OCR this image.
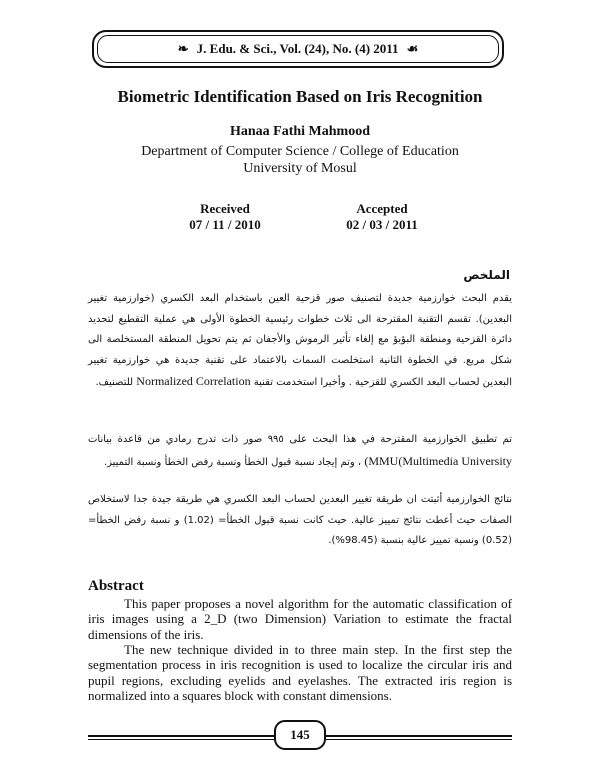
❧ J. Edu. & Sci., Vol. (24), No. (4) 2011 ☙
Biometric Identification Based on Iris Recognition
Hanaa Fathi Mahmood
Department of Computer Science / College of Education
University of Mosul
Received
07 / 11 / 2010
Accepted
02 / 03 / 2011
الملخص
يقدم البحث خوارزمية جديدة لتصنيف صور قزحية العين باستخدام البعد الكسري (خوارزمية تغيير البعدين). تقسم التقنية المقترحة الى ثلاث خطوات رئيسية الخطوة الأولى هي عملية التقطيع لتحديد دائرة القزحية ومنطقة البؤبؤ مع إلغاء تأثير الرموش والأجفان ثم يتم تحويل المنطقة المستخلصة الى شكل مربع. في الخطوة الثانية استخلصت السمات بالاعتماد على تقنية جديدة هي خوارزمية تغيير البعدين لحساب البعد الكسري للقزحية . وأخيرا استخدمت تقنية Normalized Correlation للتصنيف.
تم تطبيق الخوارزمية المقترحة في هذا البحث على ٩٩٥ صور ذات تدرج رمادي من قاعدة بيانات (MMU(Multimedia University ، وتم إيجاد نسبة قبول الخطأ ونسبة رفض الخطأ ونسبة التمييز.
نتائج الخوارزمية أثبتت ان طريقة تغيير البعدين لحساب البعد الكسري هي طريقة جيدة جدا لاستخلاص الصفات حيث أعطت نتائج تمييز عالية. حيث كانت نسبة قبول الخطأ= (1.02) و نسبة رفض الخطأ= (0.52) ونسبة تمييز عالية بنسبة (98.45%).
Abstract

This paper proposes a novel algorithm for the automatic classification of iris images using a 2_D (two Dimension) Variation to estimate the fractal dimensions of the iris.

The new technique divided in to three main step. In the first step the segmentation process in iris recognition is used to localize the circular iris and pupil regions, excluding eyelids and eyelashes. The extracted iris region is normalized into a squares block with constant dimensions.

145
